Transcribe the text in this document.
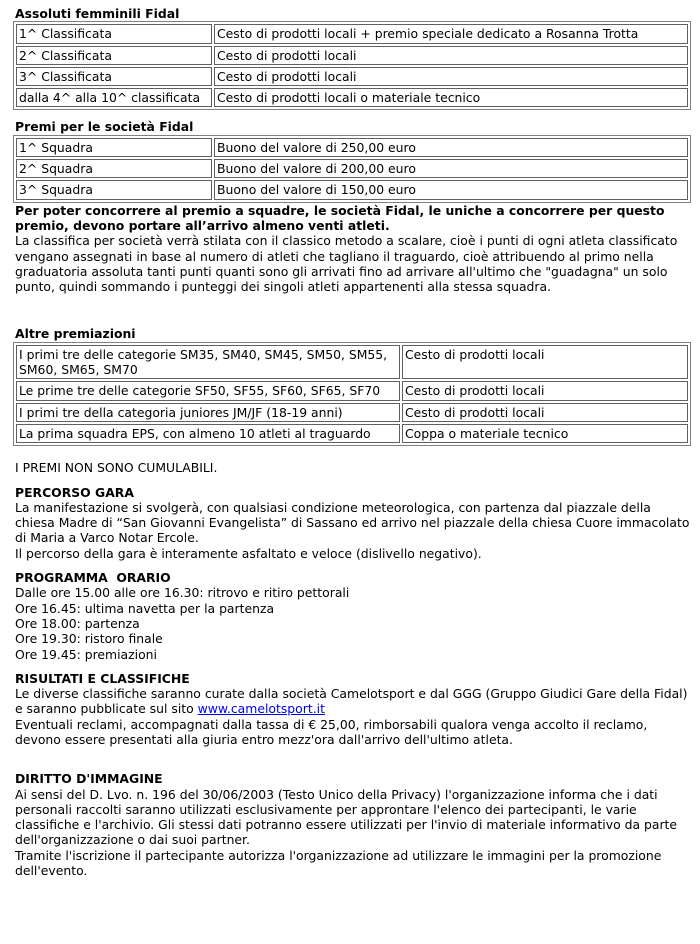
Assoluti femminili Fidal
1^ Classificata	Cesto di prodotti locali + premio speciale dedicato a Rosanna Trotta
2^ Classificata	Cesto di prodotti locali
3^ Classificata	Cesto di prodotti locali
dalla 4^ alla 10^ classificata	Cesto di prodotti locali o materiale tecnico
Premi per le società Fidal
1^ Squadra	Buono del valore di 250,00 euro
2^ Squadra	Buono del valore di 200,00 euro
3^ Squadra	Buono del valore di 150,00 euro

Per poter concorrere al premio a squadre, le società Fidal, le uniche a concorrere per questo premio, devono portare all’arrivo almeno venti atleti.

La classifica per società verrà stilata con il classico metodo a scalare, cioè i punti di ogni atleta classificato vengano assegnati in base al numero di atleti che tagliano il traguardo, cioè attribuendo al primo nella graduatoria assoluta tanti punti quanti sono gli arrivati fino ad arrivare all'ultimo che "guadagna" un solo punto, quindi sommando i punteggi dei singoli atleti appartenenti alla stessa squadra.

Altre premiazioni
I primi tre delle categorie SM35, SM40, SM45, SM50, SM55, SM60, SM65, SM70	Cesto di prodotti locali
Le prime tre delle categorie SF50, SF55, SF60, SF65, SF70	Cesto di prodotti locali
I primi tre della categoria juniores JM/JF (18-19 anni)	Cesto di prodotti locali
La prima squadra EPS, con almeno 10 atleti al traguardo	Coppa o materiale tecnico

I PREMI NON SONO CUMULABILI.

PERCORSO GARA

La manifestazione si svolgerà, con qualsiasi condizione meteorologica, con partenza dal piazzale della chiesa Madre di “San Giovanni Evangelista” di Sassano ed arrivo nel piazzale della chiesa Cuore immacolato di Maria a Varco Notar Ercole.

Il percorso della gara è interamente asfaltato e veloce (dislivello negativo).

PROGRAMMA  ORARIO

Dalle ore 15.00 alle ore 16.30: ritrovo e ritiro pettorali

Ore 16.45: ultima navetta per la partenza

Ore 18.00: partenza

Ore 19.30: ristoro finale

Ore 19.45: premiazioni

RISULTATI E CLASSIFICHE

Le diverse classifiche saranno curate dalla società Camelotsport e dal GGG (Gruppo Giudici Gare della Fidal) e saranno pubblicate sul sito www.camelotsport.it

Eventuali reclami, accompagnati dalla tassa di € 25,00, rimborsabili qualora venga accolto il reclamo, devono essere presentati alla giuria entro mezz'ora dall'arrivo dell'ultimo atleta.

DIRITTO D'IMMAGINE

Ai sensi del D. Lvo. n. 196 del 30/06/2003 (Testo Unico della Privacy) l'organizzazione informa che i dati personali raccolti saranno utilizzati esclusivamente per approntare l'elenco dei partecipanti, le varie classifiche e l'archivio. Gli stessi dati potranno essere utilizzati per l'invio di materiale informativo da parte dell'organizzazione o dai suoi partner.

Tramite l'iscrizione il partecipante autorizza l'organizzazione ad utilizzare le immagini per la promozione dell'evento.
